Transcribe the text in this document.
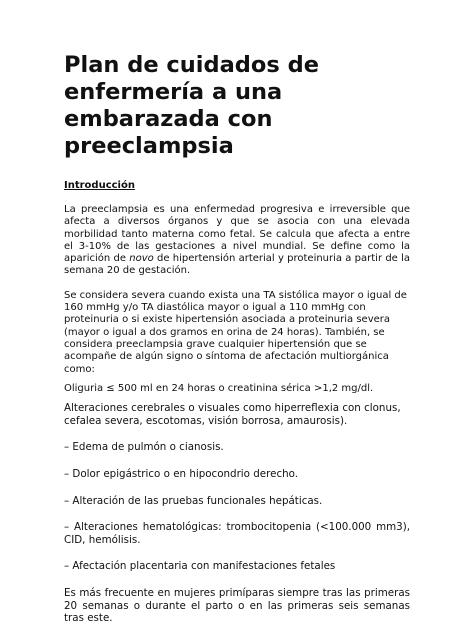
Plan de cuidados de enfermería a una embarazada con preeclampsia
Introducción

La preeclampsia es una enfermedad progresiva e irreversible que afecta a diversos órganos y que se asocia con una elevada morbilidad tanto materna como fetal. Se calcula que afecta a entre el 3-10% de las gestaciones a nivel mundial. Se define como la aparición de novo de hipertensión arterial y proteinuria a partir de la semana 20 de gestación.

Se considera severa cuando exista una TA sistólica mayor o igual de 160 mmHg y/o TA diastólica mayor o igual a 110 mmHg con proteinuria o si existe hipertensión asociada a proteinuria severa (mayor o igual a dos gramos en orina de 24 horas). También, se considera preeclampsia grave cualquier hipertensión que se acompañe de algún signo o síntoma de afectación multiorgánica como:

Oliguria ≤ 500 ml en 24 horas o creatinina sérica >1,2 mg/dl.

Alteraciones cerebrales o visuales como hiperreflexia con clonus, cefalea severa, escotomas, visión borrosa, amaurosis).

– Edema de pulmón o cianosis.

– Dolor epigástrico o en hipocondrio derecho.

– Alteración de las pruebas funcionales hepáticas.

– Alteraciones hematológicas: trombocitopenia (<100.000 mm3), CID, hemólisis.

– Afectación placentaria con manifestaciones fetales

Es más frecuente en mujeres primíparas siempre tras las primeras 20 semanas o durante el parto o en las primeras seis semanas tras este.
